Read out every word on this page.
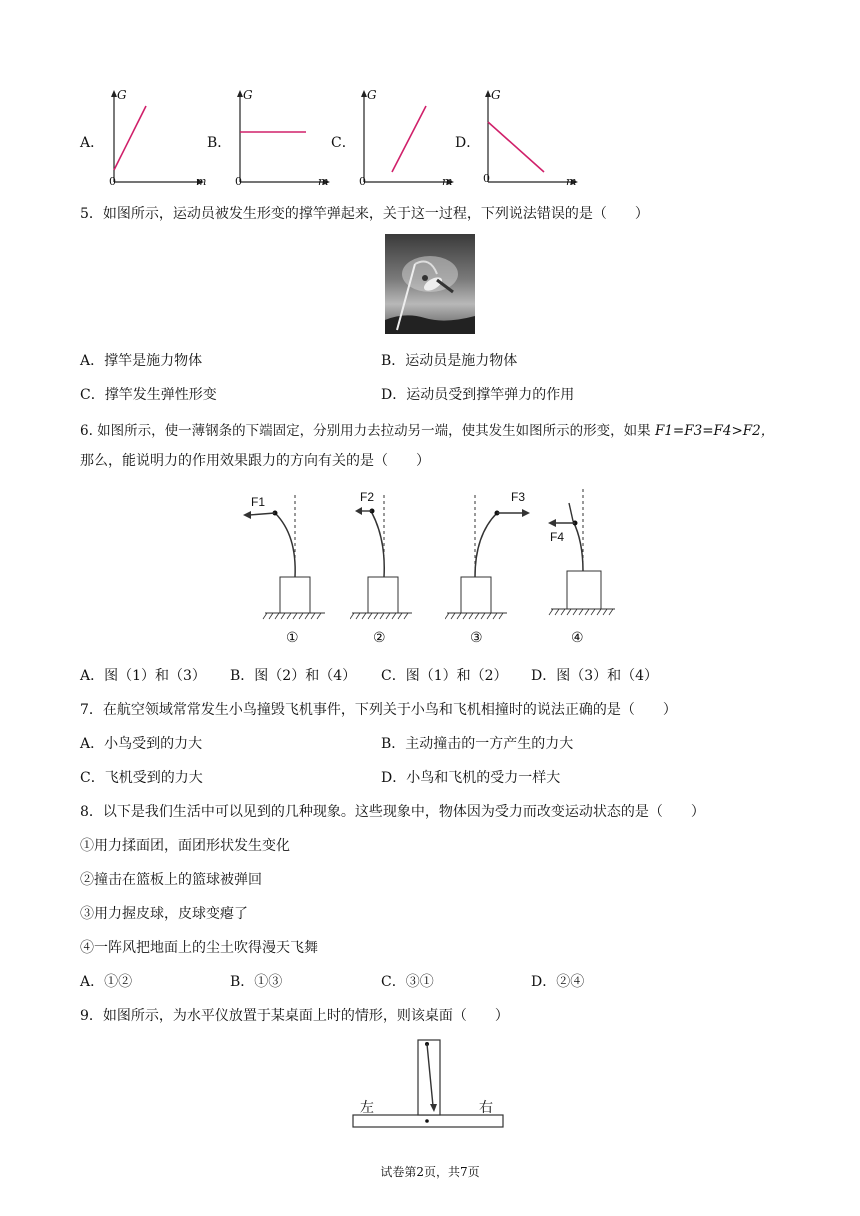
A．
G
0	m
B．
G
0	m
C．
G
0	m
D．
G
0	m
5．如图所示，运动员被发生形变的撑竿弹起来，关于这一过程，下列说法错误的是（　　）
A．撑竿是施力物体	B．运动员是施力物体
C．撑竿发生弹性形变	D．运动员受到撑竿弹力的作用
6. 如图所示，使一薄钢条的下端固定，分别用力去拉动另一端，使其发生如图所示的形变，如果 F1=F3=F4>F2，
那么，能说明力的作用效果跟力的方向有关的是（　　）
F1
①
F2
②
F3
③
F4
④
A．图（1）和（3） B．图（2）和（4） C．图（1）和（2） D．图（3）和（4）
7．在航空领域常常发生小鸟撞毁飞机事件，下列关于小鸟和飞机相撞时的说法正确的是（　　）
A．小鸟受到的力大	B．主动撞击的一方产生的力大
C．飞机受到的力大	D．小鸟和飞机的受力一样大
8．以下是我们生活中可以见到的几种现象。这些现象中，物体因为受力而改变运动状态的是（　　）
①用力揉面团，面团形状发生变化
②撞击在篮板上的篮球被弹回
③用力握皮球，皮球变瘪了
④一阵风把地面上的尘土吹得漫天飞舞
A．①②	B．①③	C．③①	D．②④
9．如图所示，为水平仪放置于某桌面上时的情形，则该桌面（　　）
左	右
试卷第2页，共7页
